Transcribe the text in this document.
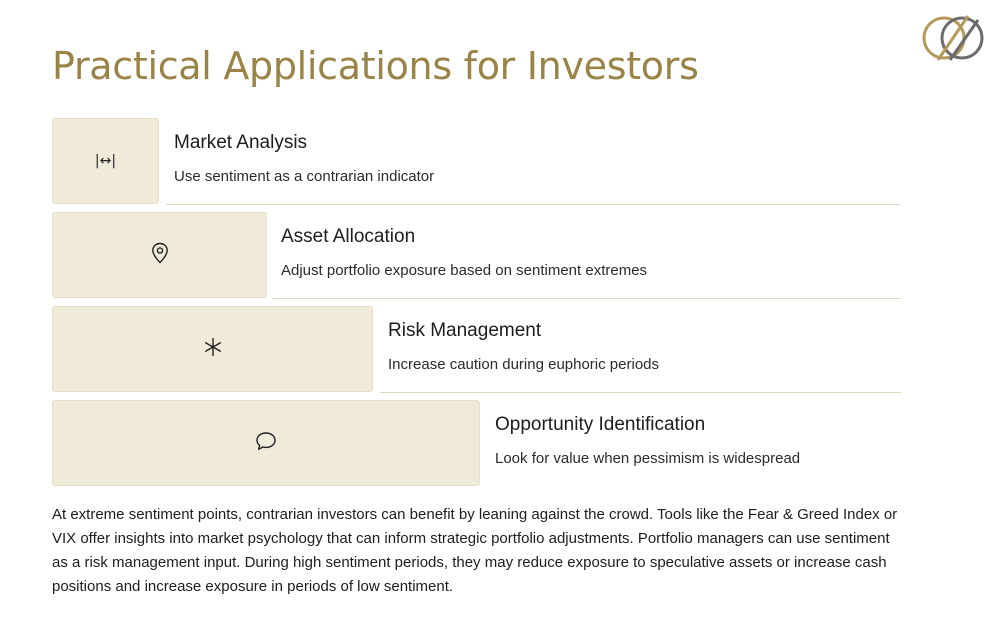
Practical Applications for Investors
|↔|
Market Analysis
Use sentiment as a contrarian indicator
Asset Allocation
Adjust portfolio exposure based on sentiment extremes
Risk Management
Increase caution during euphoric periods
Opportunity Identification
Look for value when pessimism is widespread

At extreme sentiment points, contrarian investors can benefit by leaning against the crowd. Tools like the Fear & Greed Index or VIX offer insights into market psychology that can inform strategic portfolio adjustments. Portfolio managers can use sentiment as a risk management input. During high sentiment periods, they may reduce exposure to speculative assets or increase cash positions and increase exposure in periods of low sentiment.
